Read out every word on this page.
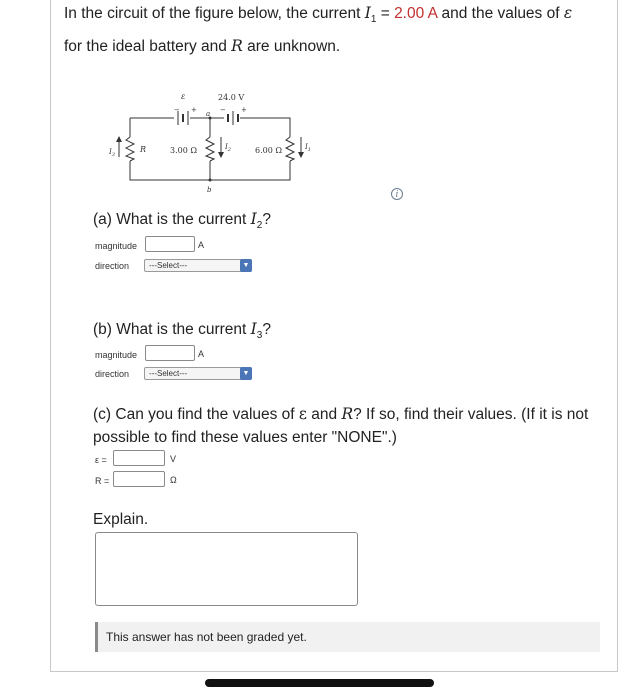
In the circuit of the figure below, the current $I_1 = 2.00$ A and the values of ε
for the ideal battery and R are unknown.
ε	24.0 V
+
−	+
−
a
b
R	3.00 Ω	6.00 Ω
$I_3$
$I_2$	$I_1$
i
(a) What is the current $I_2$?
magnitude	A
direction	---Select---	▼
(b) What is the current $I_3$?
magnitude	A
direction	---Select---	▼
(c) Can you find the values of ε and R? If so, find their values. (If it is not possible to find these values enter "NONE".)
ε =	V
R =	Ω
Explain.
This answer has not been graded yet.
